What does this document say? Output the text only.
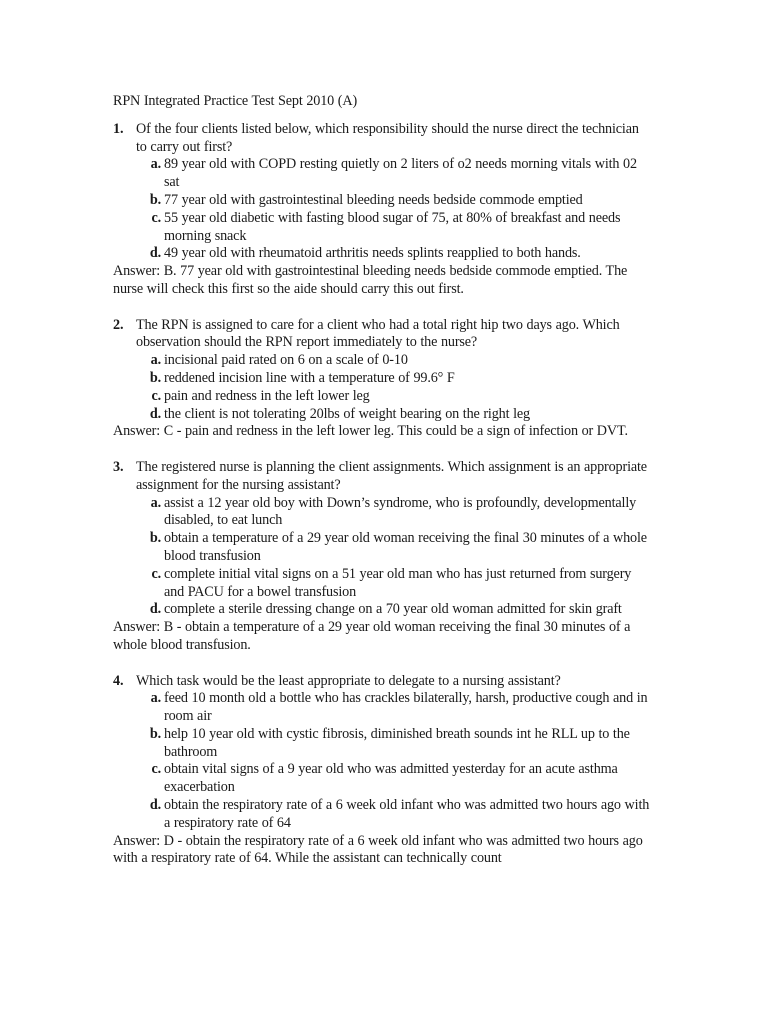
RPN Integrated Practice Test Sept 2010 (A)

1. Of the four clients listed below, which responsibility should the nurse direct the technician to carry out first?
a. 89 year old with COPD resting quietly on 2 liters of o2 needs morning vitals with 02 sat
b. 77 year old with gastrointestinal bleeding needs bedside commode emptied
c. 55 year old diabetic with fasting blood sugar of 75, at 80% of breakfast and needs morning snack
d. 49 year old with rheumatoid arthritis needs splints reapplied to both hands.

Answer: B. 77 year old with gastrointestinal bleeding needs bedside commode emptied. The nurse will check this first so the aide should carry this out first.

2. The RPN is assigned to care for a client who had a total right hip two days ago. Which observation should the RPN report immediately to the nurse?
a. incisional paid rated on 6 on a scale of 0-10
b. reddened incision line with a temperature of 99.6° F
c. pain and redness in the left lower leg
d. the client is not tolerating 20lbs of weight bearing on the right leg

Answer: C - pain and redness in the left lower leg. This could be a sign of infection or DVT.

3. The registered nurse is planning the client assignments. Which assignment is an appropriate assignment for the nursing assistant?
a. assist a 12 year old boy with Down’s syndrome, who is profoundly, developmentally disabled, to eat lunch
b. obtain a temperature of a 29 year old woman receiving the final 30 minutes of a whole blood transfusion
c. complete initial vital signs on a 51 year old man who has just returned from surgery and PACU for a bowel transfusion
d. complete a sterile dressing change on a 70 year old woman admitted for skin graft

Answer: B - obtain a temperature of a 29 year old woman receiving the final 30 minutes of a whole blood transfusion.

4. Which task would be the least appropriate to delegate to a nursing assistant?
a. feed 10 month old a bottle who has crackles bilaterally, harsh, productive cough and in room air
b. help 10 year old with cystic fibrosis, diminished breath sounds int he RLL up to the bathroom
c. obtain vital signs of a 9 year old who was admitted yesterday for an acute asthma exacerbation
d. obtain the respiratory rate of a 6 week old infant who was admitted two hours ago with a respiratory rate of 64

Answer: D - obtain the respiratory rate of a 6 week old infant who was admitted two hours ago with a respiratory rate of 64. While the assistant can technically count
